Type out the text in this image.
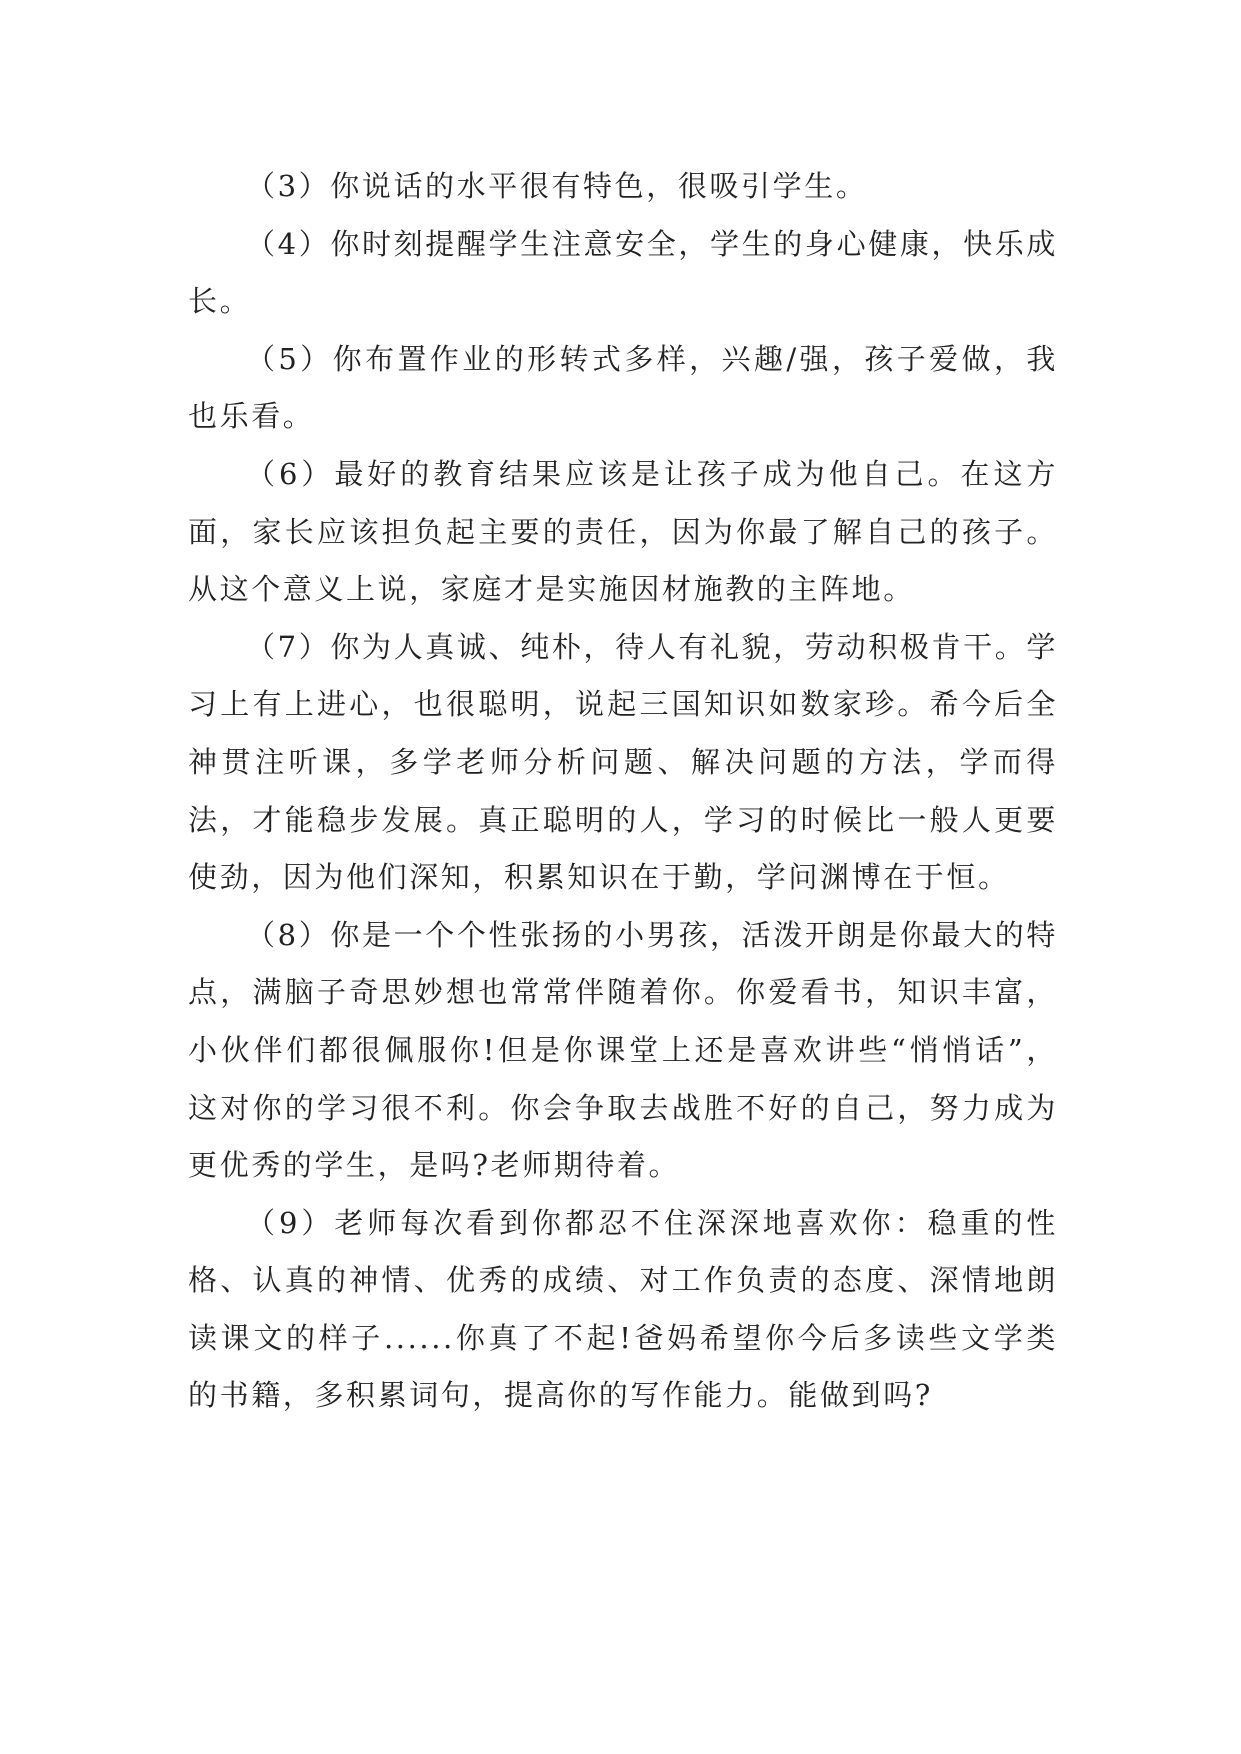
（3）你说话的水平很有特色，很吸引学生。

（4）你时刻提醒学生注意安全，学生的身心健康，快乐成长。

（5）你布置作业的形转式多样，兴趣/强，孩子爱做，我也乐看。

（6）最好的教育结果应该是让孩子成为他自己。在这方面，家长应该担负起主要的责任，因为你最了解自己的孩子。从这个意义上说，家庭才是实施因材施教的主阵地。

（7）你为人真诚、纯朴，待人有礼貌，劳动积极肯干。学习上有上进心，也很聪明，说起三国知识如数家珍。希今后全神贯注听课，多学老师分析问题、解决问题的方法，学而得法，才能稳步发展。真正聪明的人，学习的时候比一般人更要使劲，因为他们深知，积累知识在于勤，学问渊博在于恒。

（8）你是一个个性张扬的小男孩，活泼开朗是你最大的特点，满脑子奇思妙想也常常伴随着你。你爱看书，知识丰富，小伙伴们都很佩服你!但是你课堂上还是喜欢讲些“悄悄话”，这对你的学习很不利。你会争取去战胜不好的自己，努力成为更优秀的学生，是吗?老师期待着。

（9）老师每次看到你都忍不住深深地喜欢你：稳重的性格、认真的神情、优秀的成绩、对工作负责的态度、深情地朗读课文的样子......你真了不起!爸妈希望你今后多读些文学类的书籍，多积累词句，提高你的写作能力。能做到吗?
